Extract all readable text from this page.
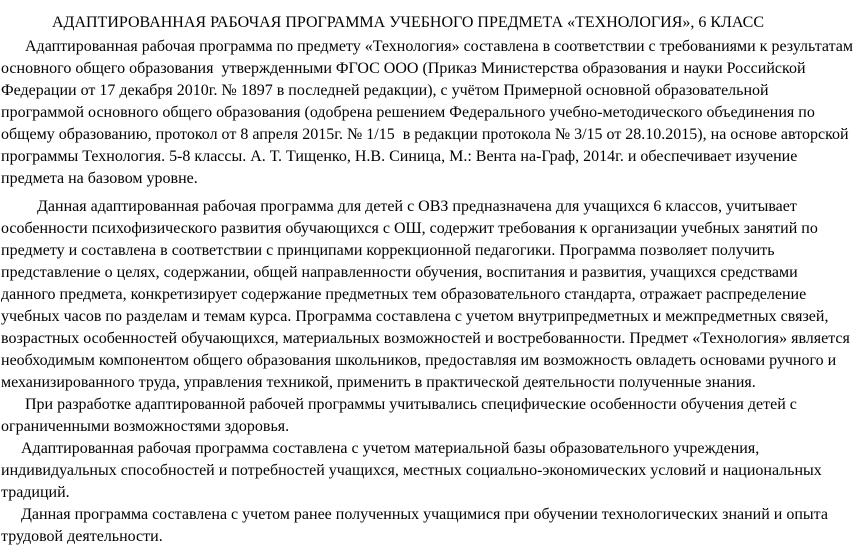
АДАПТИРОВАННАЯ РАБОЧАЯ ПРОГРАММА УЧЕБНОГО ПРЕДМЕТА «ТЕХНОЛОГИЯ», 6 КЛАСС
Адаптированная рабочая программа по предмету «Технология» составлена в соответствии с требованиями к результатам
основного общего образования  утвержденными ФГОС ООО (Приказ Министерства образования и науки Российской
Федерации от 17 декабря 2010г. № 1897 в последней редакции), с учётом Примерной основной образовательной
программой основного общего образования (одобрена решением Федерального учебно-методического объединения по
общему образованию, протокол от 8 апреля 2015г. № 1/15  в редакции протокола № 3/15 от 28.10.2015), на основе авторской
программы Технология. 5-8 классы. А. Т. Тищенко, Н.В. Синица, М.: Вента на-Граф, 2014г. и обеспечивает изучение
предмета на базовом уровне.
Данная адаптированная рабочая программа для детей с ОВЗ предназначена для учащихся 6 классов, учитывает
особенности психофизического развития обучающихся с ОШ, содержит требования к организации учебных занятий по
предмету и составлена в соответствии с принципами коррекционной педагогики. Программа позволяет получить
представление о целях, содержании, общей направленности обучения, воспитания и развития, учащихся средствами
данного предмета, конкретизирует содержание предметных тем образовательного стандарта, отражает распределение
учебных часов по разделам и темам курса. Программа составлена с учетом внутрипредметных и межпредметных связей,
возрастных особенностей обучающихся, материальных возможностей и востребованности. Предмет «Технология» является
необходимым компонентом общего образования школьников, предоставляя им возможность овладеть основами ручного и
механизированного труда, управления техникой, применить в практической деятельности полученные знания.
При разработке адаптированной рабочей программы учитывались специфические особенности обучения детей с
ограниченными возможностями здоровья.
Адаптированная рабочая программа составлена с учетом материальной базы образовательного учреждения,
индивидуальных способностей и потребностей учащихся, местных социально-экономических условий и национальных
традиций.
Данная программа составлена с учетом ранее полученных учащимися при обучении технологических знаний и опыта
трудовой деятельности.
